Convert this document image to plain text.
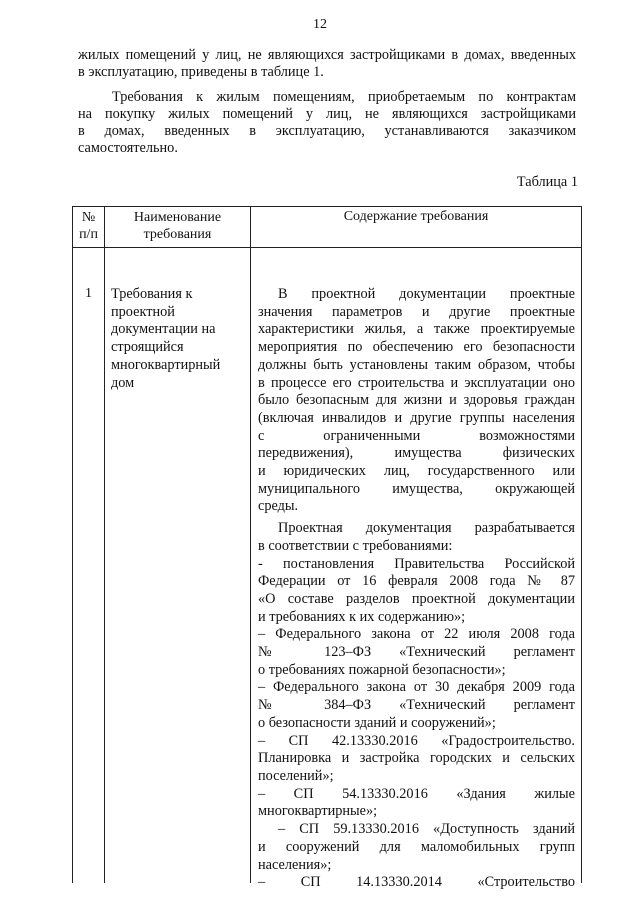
12
жилых помещений у лиц, не являющихся застройщиками в домах, введенных
в эксплуатацию, приведены в таблице 1.
Требования к жилым помещениям, приобретаемым по контрактам
на покупку жилых помещений у лиц, не являющихся застройщиками
в домах, введенных в эксплуатацию, устанавливаются заказчиком
самостоятельно.
Таблица 1
№
п/п
Наименование
требования
Содержание требования
1	Требования к
проектной
документации на
строящийся
многоквартирный
дом
В проектной документации проектные
значения параметров и другие проектные
характеристики жилья, а также проектируемые
мероприятия по обеспечению его безопасности
должны быть установлены таким образом, чтобы
в процессе его строительства и эксплуатации оно
было безопасным для жизни и здоровья граждан
(включая инвалидов и другие группы населения
с ограниченными возможностями
передвижения), имущества физических
и юридических лиц, государственного или
муниципального имущества, окружающей
среды.
Проектная документация разрабатывается
в соответствии с требованиями:
- постановления Правительства Российской
Федерации от 16 февраля 2008 года № 87
«О составе разделов проектной документации
и требованиях к их содержанию»;
– Федерального закона от 22 июля 2008 года
№ 123–ФЗ «Технический регламент
о требованиях пожарной безопасности»;
– Федерального закона от 30 декабря 2009 года
№ 384–ФЗ «Технический регламент
о безопасности зданий и сооружений»;
– СП 42.13330.2016 «Градостроительство.
Планировка и застройка городских и сельских
поселений»;
– СП 54.13330.2016 «Здания жилые
многоквартирные»;
– СП 59.13330.2016 «Доступность зданий
и сооружений для маломобильных групп
населения»;
– СП 14.13330.2014 «Строительство
